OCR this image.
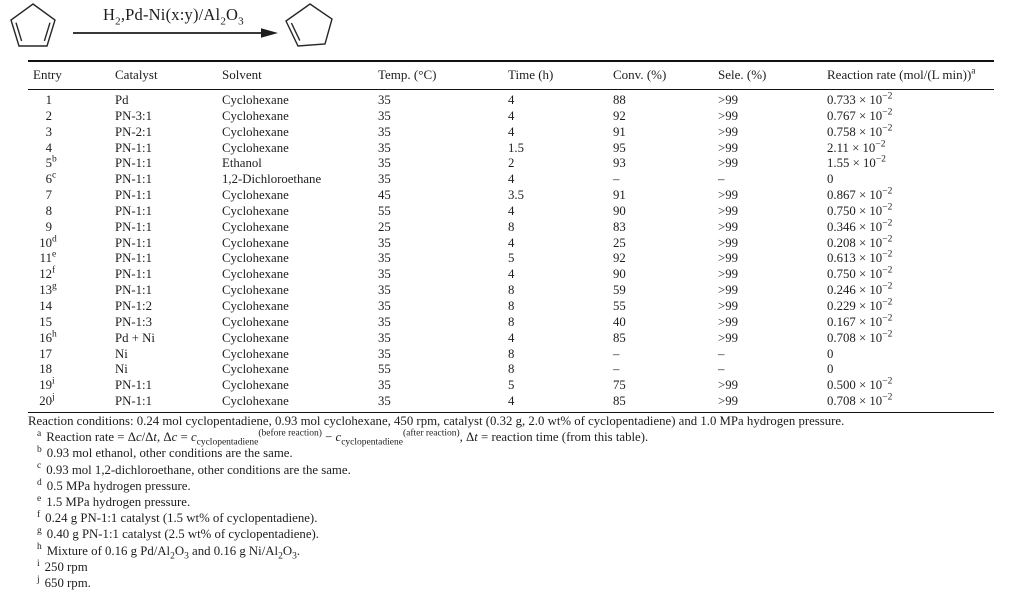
$H_2,Pd-Ni(x:y)/Al_2O_3$
Entry	Catalyst	Solvent	Temp. (°C)	Time (h)	Conv. (%)	Sele. (%)	Reaction rate (mol/(L min))$^a$
1	Pd	Cyclohexane	35	4	88	>99	$0.733 \times 10^{-2}$
2	PN-3:1	Cyclohexane	35	4	92	>99	$0.767 \times 10^{-2}$
3	PN-2:1	Cyclohexane	35	4	91	>99	$0.758 \times 10^{-2}$
4	PN-1:1	Cyclohexane	35	1.5	95	>99	$2.11 \times 10^{-2}$
5$^b$	PN-1:1	Ethanol	35	2	93	>99	$1.55 \times 10^{-2}$
6$^c$	PN-1:1	1,2-Dichloroethane	35	4	–	–	0
7	PN-1:1	Cyclohexane	45	3.5	91	>99	$0.867 \times 10^{-2}$
8	PN-1:1	Cyclohexane	55	4	90	>99	$0.750 \times 10^{-2}$
9	PN-1:1	Cyclohexane	25	8	83	>99	$0.346 \times 10^{-2}$
10$^d$	PN-1:1	Cyclohexane	35	4	25	>99	$0.208 \times 10^{-2}$
11e	PN-1:1	Cyclohexane	35	5	92	>99	$0.613 \times 10^{-2}$
12$^f$	PN-1:1	Cyclohexane	35	4	90	>99	$0.750 \times 10^{-2}$
13$^g$	PN-1:1	Cyclohexane	35	8	59	>99	$0.246 \times 10^{-2}$
14	PN-1:2	Cyclohexane	35	8	55	>99	$0.229 \times 10^{-2}$
15	PN-1:3	Cyclohexane	35	8	40	>99	$0.167 \times 10^{-2}$
16$^h$	Pd + Ni	Cyclohexane	35	4	85	>99	$0.708 \times 10^{-2}$
17	Ni	Cyclohexane	35	8	–	–	0
18	Ni	Cyclohexane	55	8	–	–	0
19$^i$	PN-1:1	Cyclohexane	35	5	75	>99	$0.500 \times 10^{-2}$
20$^j$	PN-1:1	Cyclohexane	35	4	85	>99	$0.708 \times 10^{-2}$
Reaction conditions: 0.24 mol cyclopentadiene, 0.93 mol cyclohexane, 450 rpm, catalyst (0.32 g, 2.0 wt% of cyclopentadiene) and 1.0 MPa hydrogen pressure.
$^a$ Reaction rate = Δc/Δt, $\Delta c = c_{cyclopentadiene}^{(before reaction)} - c_{cyclopentadiene}^{(after reaction)}$, Δt = reaction time (from this table).
$^b$ 0.93 mol ethanol, other conditions are the same.
$^c$ 0.93 mol 1,2-dichloroethane, other conditions are the same.
$^d$ 0.5 MPa hydrogen pressure.
$^e$ 1.5 MPa hydrogen pressure.
$^f$ 0.24 g PN-1:1 catalyst (1.5 wt% of cyclopentadiene).
$^g$ 0.40 g PN-1:1 catalyst (2.5 wt% of cyclopentadiene).
$^h$ Mixture of 0.16 g $Pd/Al_2O_3$ and 0.16 g $Ni/Al_2O_3$.
$^i$ 250 rpm
$^j$ 650 rpm.
